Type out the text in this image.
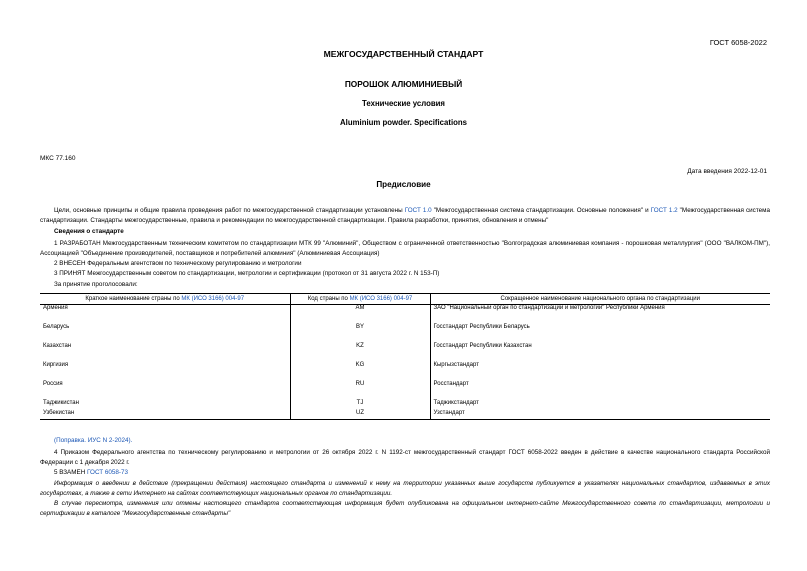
ГОСТ 6058-2022
МЕЖГОСУДАРСТВЕННЫЙ СТАНДАРТ
ПОРОШОК АЛЮМИНИЕВЫЙ
Технические условия
Aluminium powder. Specifications
МКС 77.160
Дата введения 2022-12-01
Предисловие
Цели, основные принципы и общие правила проведения работ по межгосударственной стандартизации установлены ГОСТ 1.0 "Межгосударственная система стандартизации. Основные положения" и ГОСТ 1.2 "Межгосударственная система стандартизации. Стандарты межгосударственные, правила и рекомендации по межгосударственной стандартизации. Правила разработки, принятия, обновления и отмены"
Сведения о стандарте
1 РАЗРАБОТАН Межгосударственным техническим комитетом по стандартизации МТК 99 "Алюминий", Обществом с ограниченной ответственностью "Волгоградская алюминиевая компания - порошковая металлургия" (ООО "ВАЛКОМ-ПМ"), Ассоциацией "Объединение производителей, поставщиков и потребителей алюминия" (Алюминиевая Ассоциация)
2 ВНЕСЕН Федеральным агентством по техническому регулированию и метрологии
3 ПРИНЯТ Межгосударственным советом по стандартизации, метрологии и сертификации (протокол от 31 августа 2022 г. N 153-П)
За принятие проголосовали:
Краткое наименование страны по МК (ИСО 3166) 004-97	Код страны по МК (ИСО 3166) 004-97	Сокращенное наименование национального органа по стандартизации
Армения	AM	ЗАО "Национальный орган по стандартизации и метрологии" Республики Армения
Беларусь	BY	Госстандарт Республики Беларусь
Казахстан	KZ	Госстандарт Республики Казахстан
Киргизия	KG	Кыргызстандарт
Россия	RU	Росстандарт
Таджикистан	TJ	Таджикстандарт
Узбекистан	UZ	Узстандарт
(Поправка. ИУС N 2-2024).
4 Приказом Федерального агентства по техническому регулированию и метрологии от 26 октября 2022 г. N 1192-ст межгосударственный стандарт ГОСТ 6058-2022 введен в действие в качестве национального стандарта Российской Федерации с 1 декабря 2022 г.
5 ВЗАМЕН ГОСТ 6058-73
Информация о введении в действие (прекращении действия) настоящего стандарта и изменений к нему на территории указанных выше государств публикуется в указателях национальных стандартов, издаваемых в этих государствах, а также в сети Интернет на сайтах соответствующих национальных органов по стандартизации.
В случае пересмотра, изменения или отмены настоящего стандарта соответствующая информация будет опубликована на официальном интернет-сайте Межгосударственного совета по стандартизации, метрологии и сертификации в каталоге "Межгосударственные стандарты"
